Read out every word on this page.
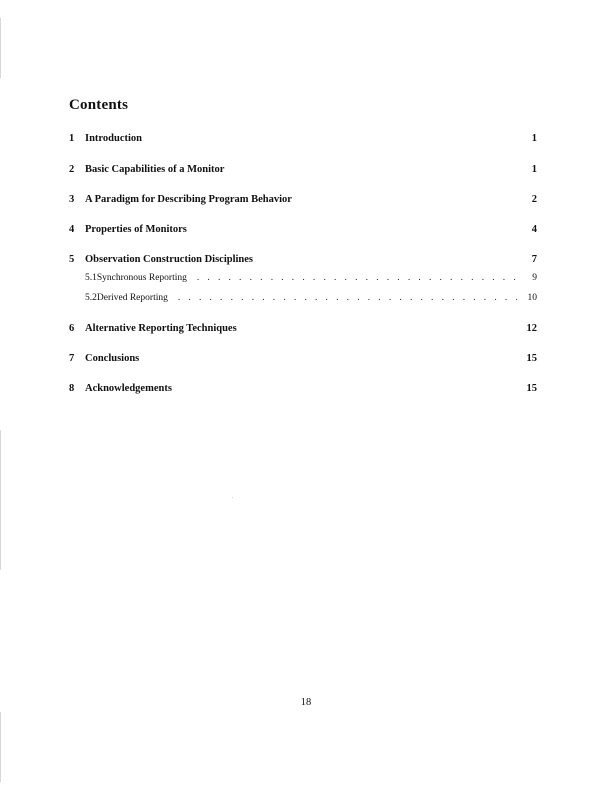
Contents
1	Introduction	1
2	Basic Capabilities of a Monitor	1
3	A Paradigm for Describing Program Behavior	2
4	Properties of Monitors	4
5	Observation Construction Disciplines	7
5.1 Synchronous Reporting . . .	9
5.2 Derived Reporting . . .	10
6	Alternative Reporting Techniques	12
7	Conclusions	15
8	Acknowledgements	15
18
